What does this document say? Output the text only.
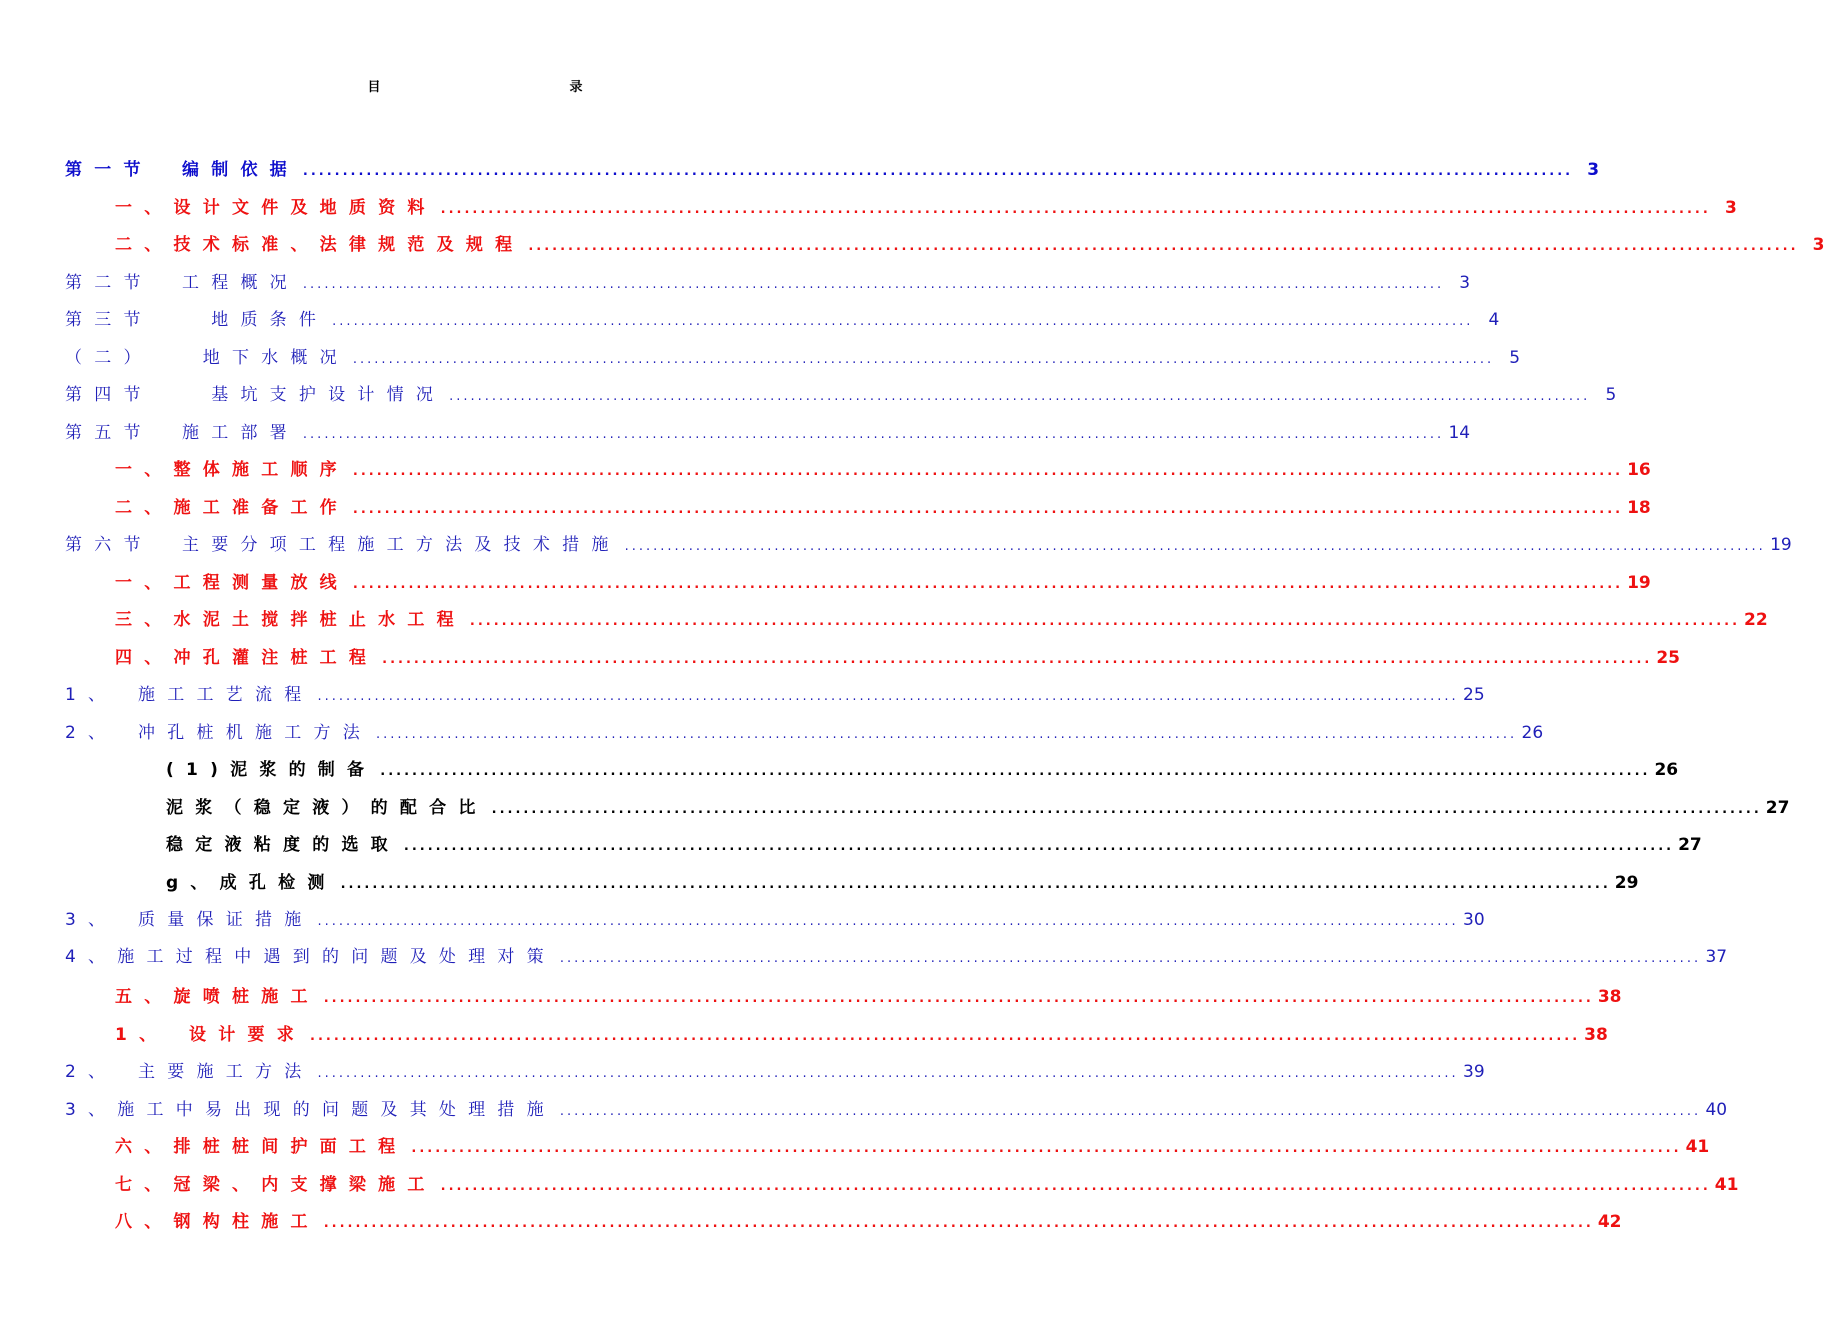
目　录
第一节　编制依据 ................................................................................................................................................................ 3
一、设计文件及地质资料 ................................................................................................................................................................ 3
二、技术标准、法律规范及规程 ................................................................................................................................................................ 3
第二节　工程概况 ................................................................................................................................................................ 3
第三节　　地质条件 ................................................................................................................................................................ 4
（二）　　地下水概况 ................................................................................................................................................................ 5
第四节　　基坑支护设计情况 ................................................................................................................................................................ 5
第五节　施工部署 ................................................................................................................................................................ 14
一、整体施工顺序 ................................................................................................................................................................ 16
二、施工准备工作 ................................................................................................................................................................ 18
第六节　主要分项工程施工方法及技术措施 ................................................................................................................................................................ 19
一、工程测量放线 ................................................................................................................................................................ 19
三、水泥土搅拌桩止水工程 ................................................................................................................................................................ 22
四、冲孔灌注桩工程 ................................................................................................................................................................ 25
1、　施工工艺流程 ................................................................................................................................................................ 25
2、　冲孔桩机施工方法 ................................................................................................................................................................ 26
(1)泥浆的制备 ................................................................................................................................................................ 26
泥浆（稳定液）的配合比 ................................................................................................................................................................ 27
稳定液粘度的选取 ................................................................................................................................................................ 27
g、成孔检测 ................................................................................................................................................................ 29
3、　质量保证措施 ................................................................................................................................................................ 30
4、施工过程中遇到的问题及处理对策 ................................................................................................................................................................ 37
五、旋喷桩施工 ................................................................................................................................................................ 38
1、　设计要求 ................................................................................................................................................................ 38
2、　主要施工方法 ................................................................................................................................................................ 39
3、施工中易出现的问题及其处理措施 ................................................................................................................................................................ 40
六、排桩桩间护面工程 ................................................................................................................................................................ 41
七、冠梁、内支撑梁施工 ................................................................................................................................................................ 41
八、钢构柱施工 ................................................................................................................................................................ 42
